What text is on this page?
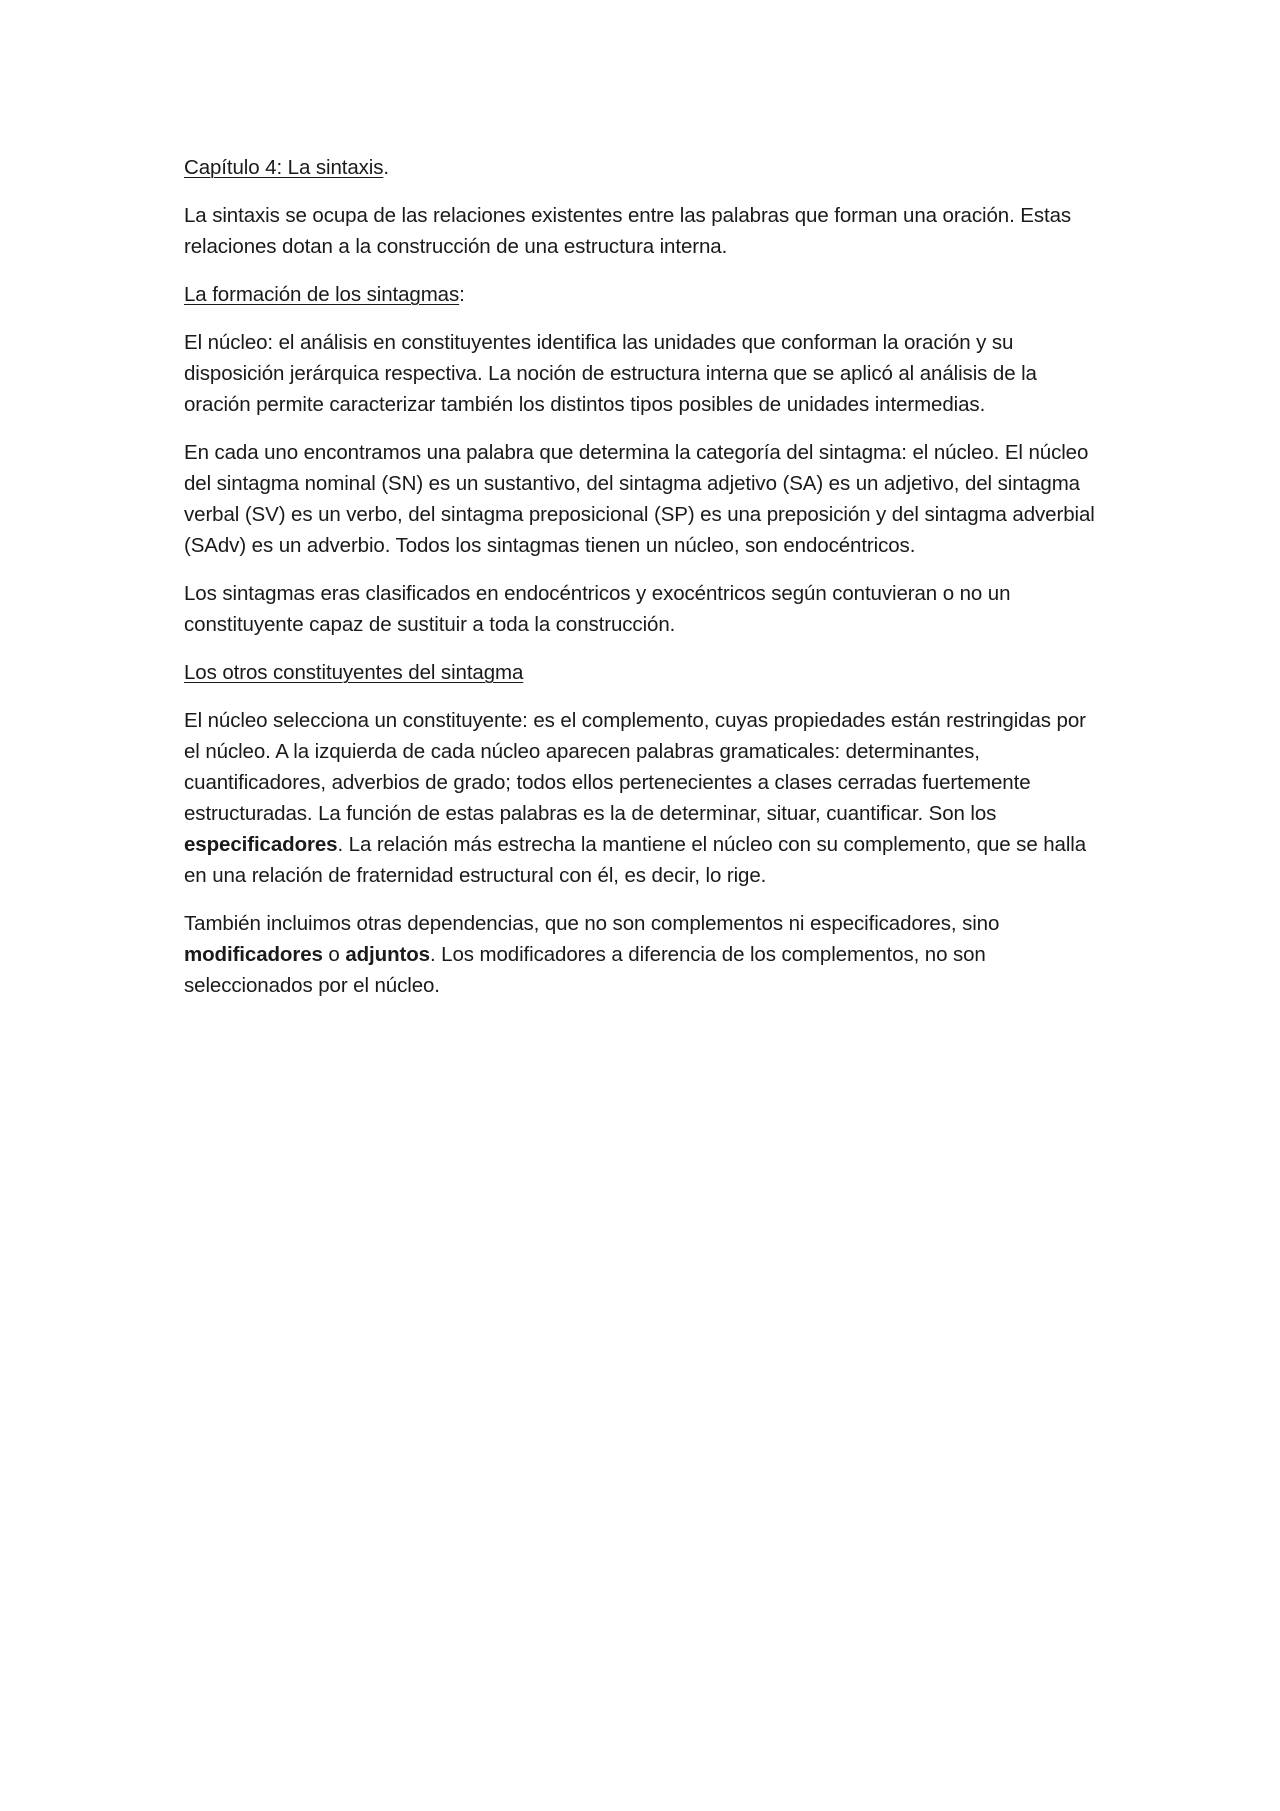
Capítulo 4: La sintaxis.

La sintaxis se ocupa de las relaciones existentes entre las palabras que forman una oración. Estas relaciones dotan a la construcción de una estructura interna.

La formación de los sintagmas:

El núcleo: el análisis en constituyentes identifica las unidades que conforman la oración y su disposición jerárquica respectiva. La noción de estructura interna que se aplicó al análisis de la oración permite caracterizar también los distintos tipos posibles de unidades intermedias.

En cada uno encontramos una palabra que determina la categoría del sintagma: el núcleo. El núcleo del sintagma nominal (SN) es un sustantivo, del sintagma adjetivo (SA) es un adjetivo, del sintagma verbal (SV) es un verbo, del sintagma preposicional (SP) es una preposición y del sintagma adverbial (SAdv) es un adverbio. Todos los sintagmas tienen un núcleo, son endocéntricos.

Los sintagmas eras clasificados en endocéntricos y exocéntricos según contuvieran o no un constituyente capaz de sustituir a toda la construcción.

Los otros constituyentes del sintagma

El núcleo selecciona un constituyente: es el complemento, cuyas propiedades están restringidas por el núcleo. A la izquierda de cada núcleo aparecen palabras gramaticales: determinantes, cuantificadores, adverbios de grado; todos ellos pertenecientes a clases cerradas fuertemente estructuradas. La función de estas palabras es la de determinar, situar, cuantificar. Son los especificadores. La relación más estrecha la mantiene el núcleo con su complemento, que se halla en una relación de fraternidad estructural con él, es decir, lo rige.

También incluimos otras dependencias, que no son complementos ni especificadores, sino modificadores o adjuntos. Los modificadores a diferencia de los complementos, no son seleccionados por el núcleo.
